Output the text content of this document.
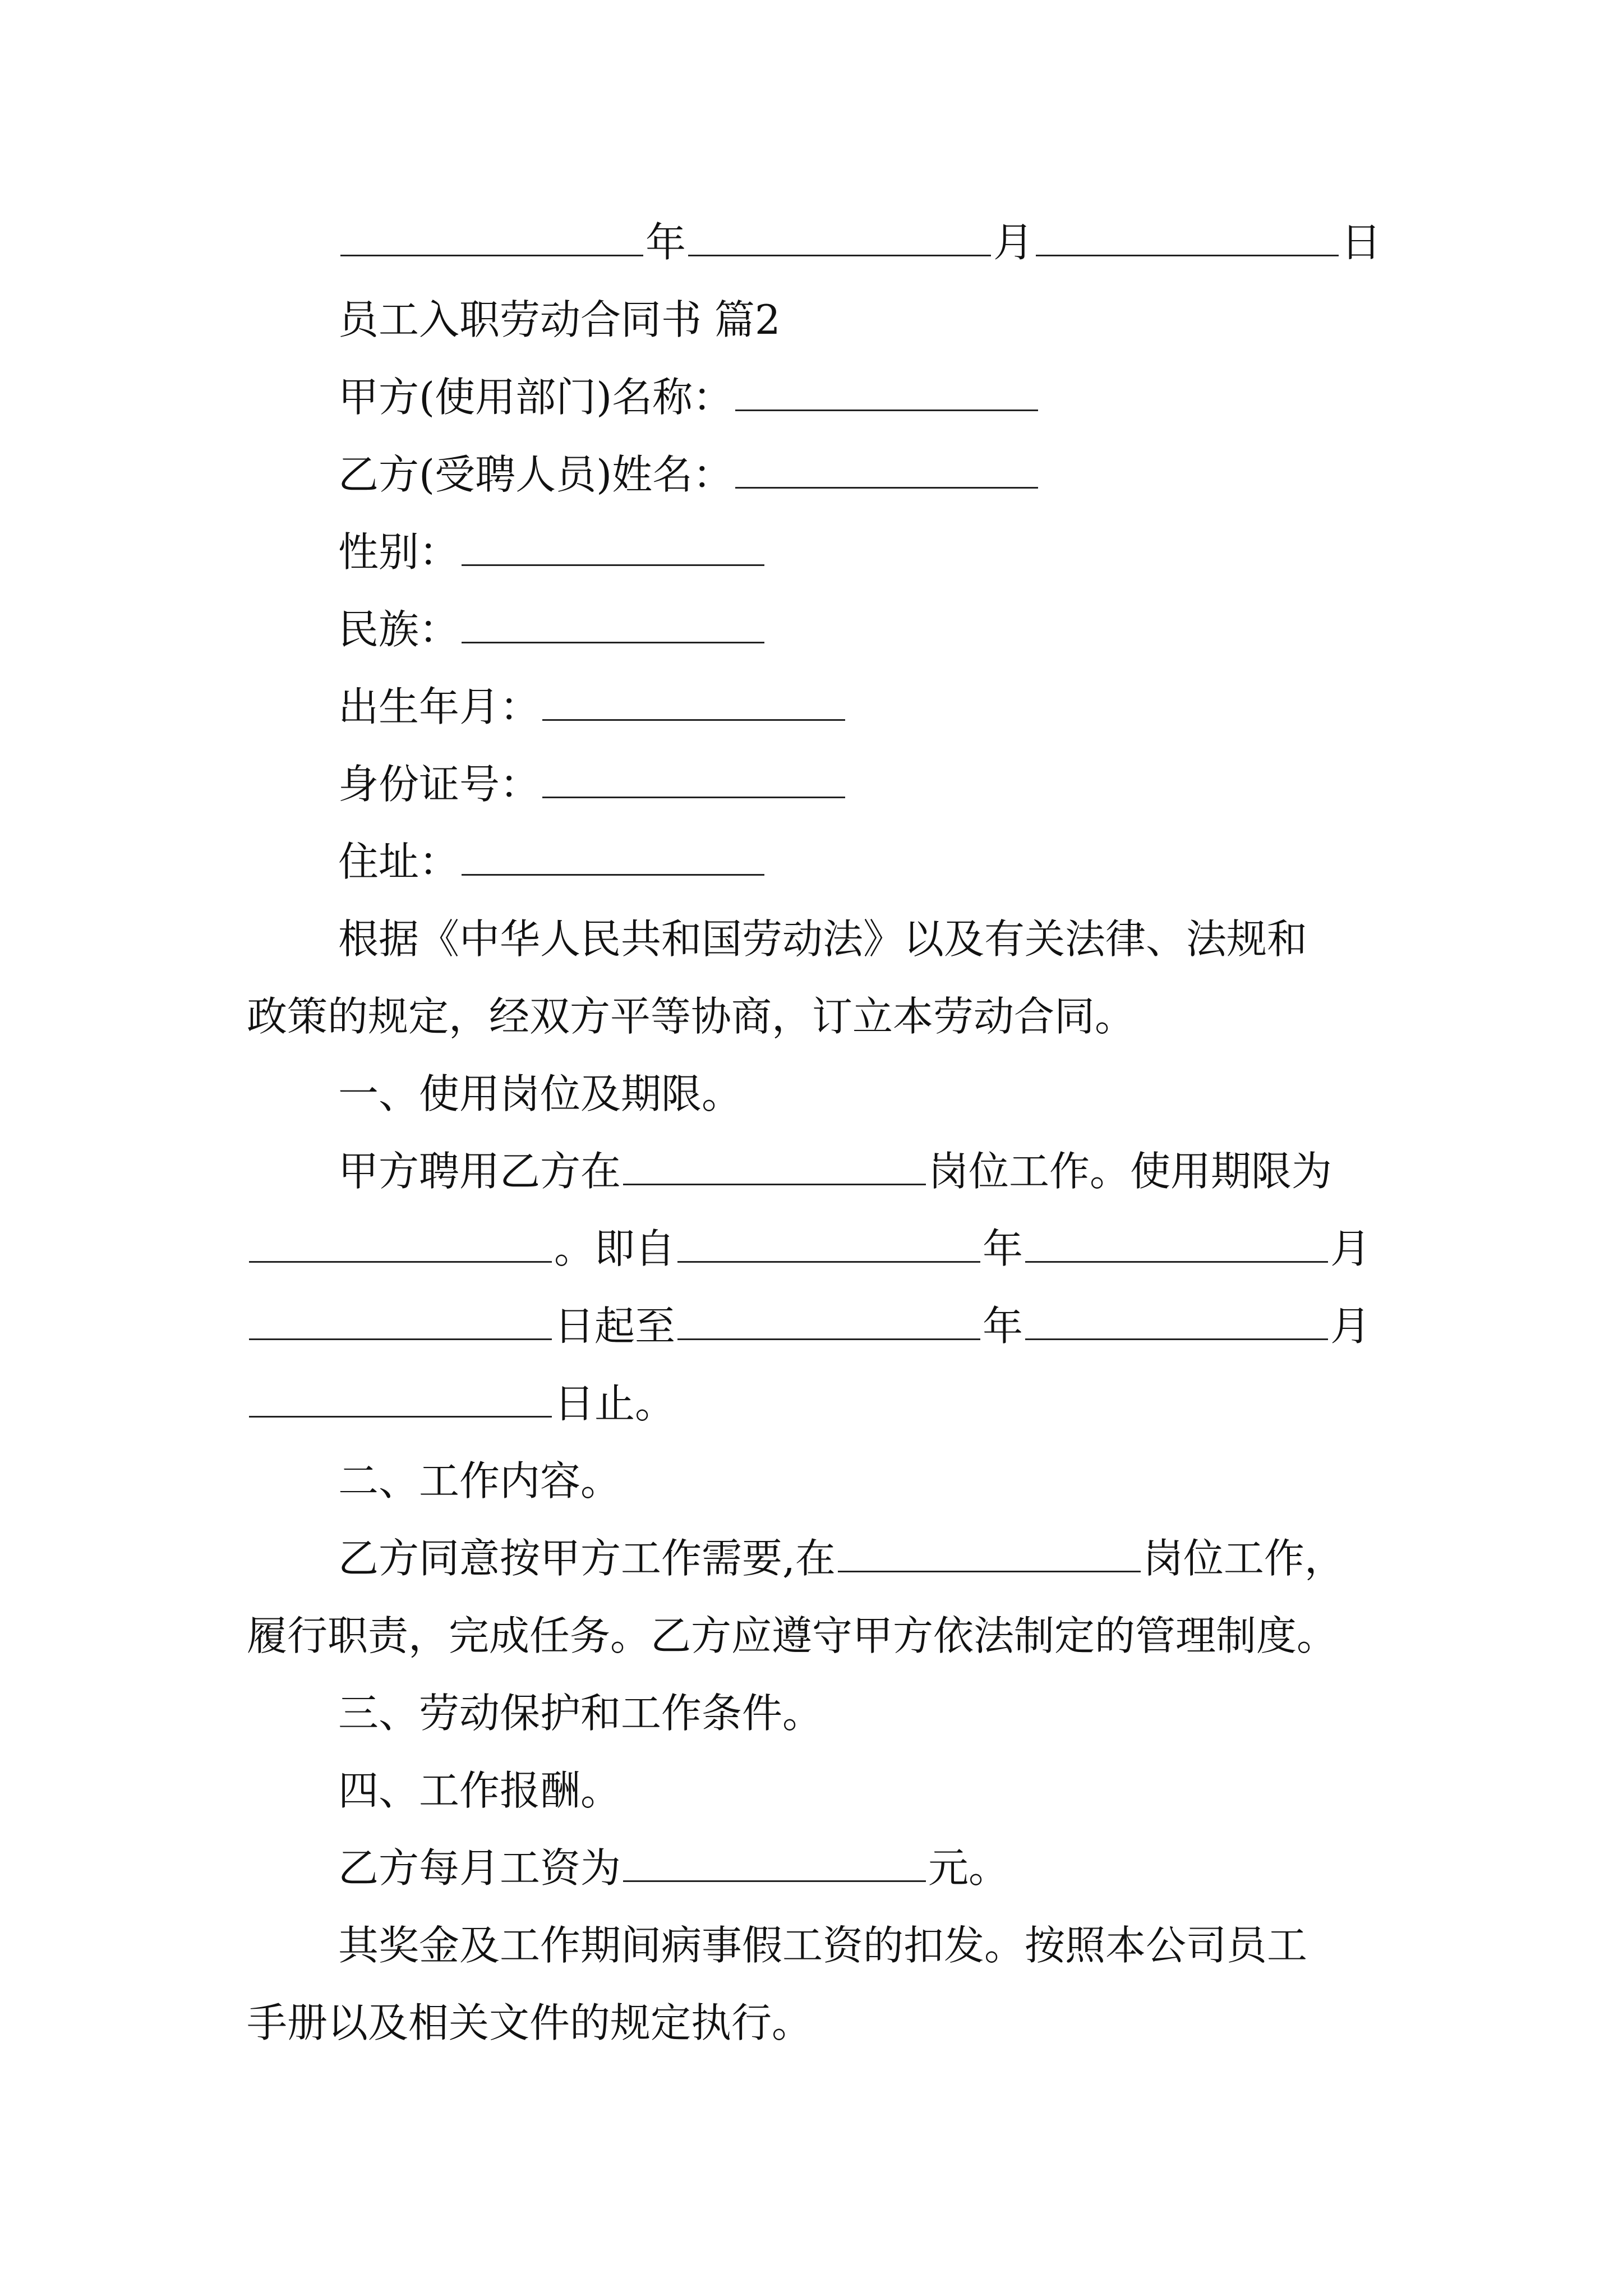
年	月	日
员工入职劳动合同书 篇2
甲方(使用部门)名称：
乙方(受聘人员)姓名：
性别：
民族：
出生年月：
身份证号：
住址：
根据《中华人民共和国劳动法》以及有关法律、法规和
政策的规定，经双方平等协商，订立本劳动合同。
一、使用岗位及期限。
甲方聘用乙方在	岗位工作。使用期限为
。即自	年	月
日起至	年	月
日止。
二、工作内容。
乙方同意按甲方工作需要,在	岗位工作，
履行职责，完成任务。乙方应遵守甲方依法制定的管理制度。
三、劳动保护和工作条件。
四、工作报酬。
乙方每月工资为	元。
其奖金及工作期间病事假工资的扣发。按照本公司员工
手册以及相关文件的规定执行。
